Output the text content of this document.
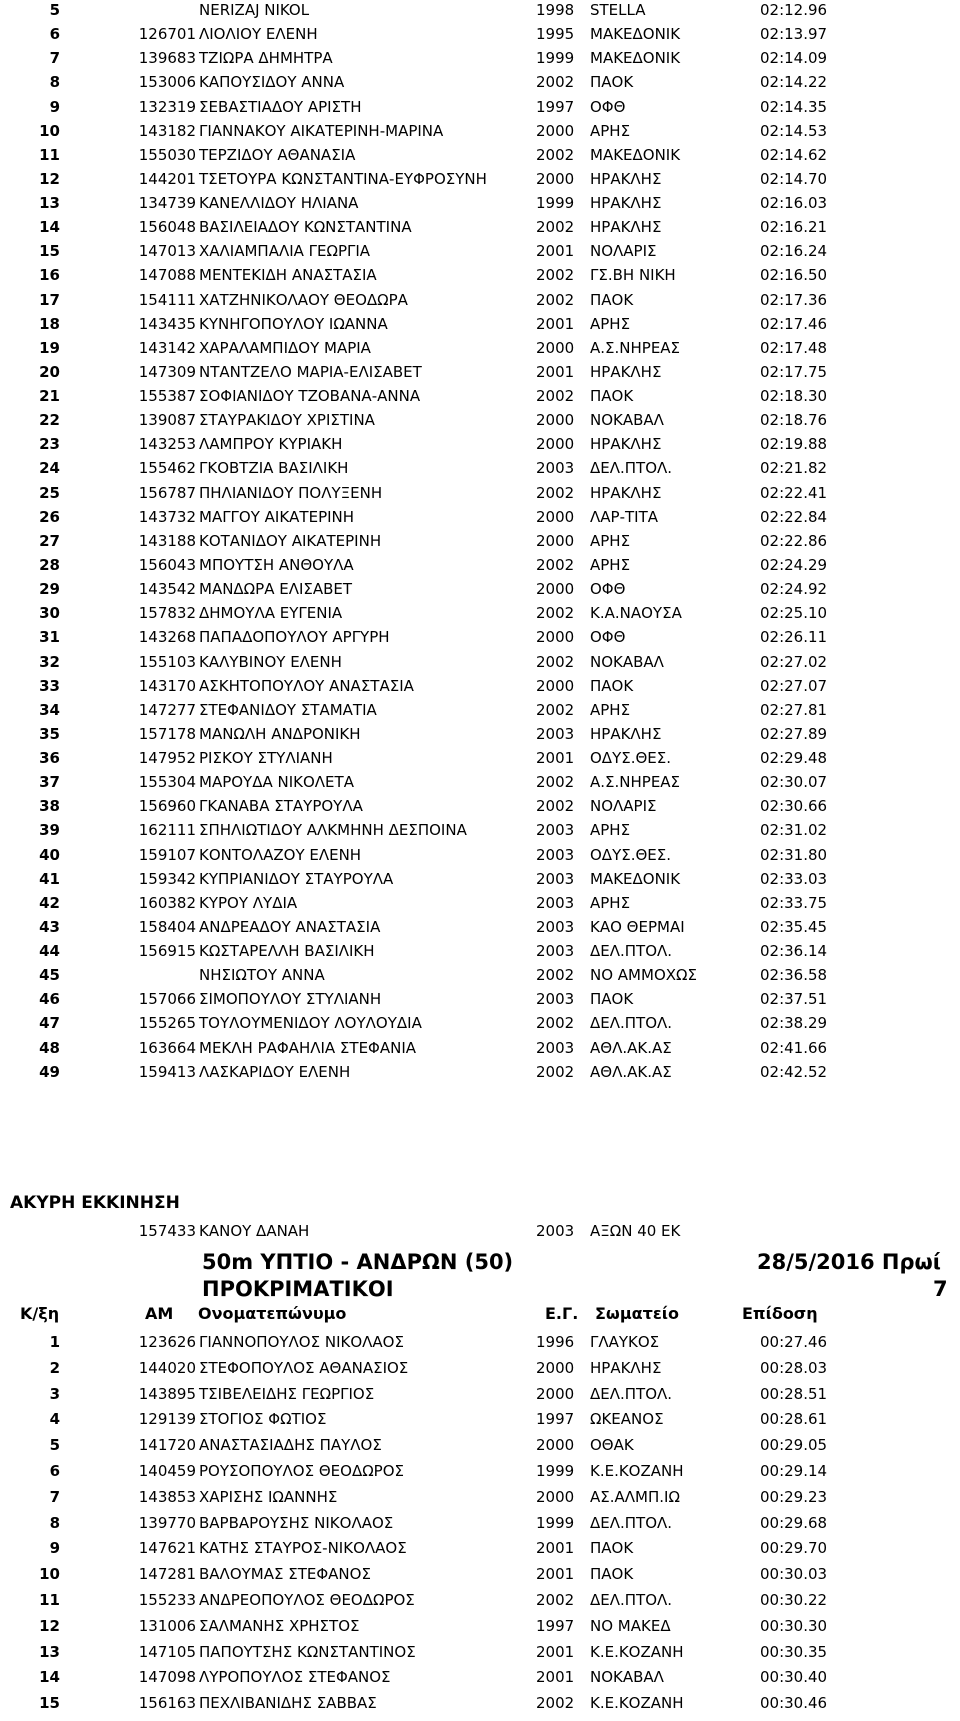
5	NERIZAJ NIKOL	1998	STELLA	02:12.96
6	126701 ΛΙΟΛΙΟΥ ΕΛΕΝΗ	1995	ΜΑΚΕΔΟΝΙΚ	02:13.97
7	139683 ΤΖΙΩΡΑ ΔΗΜΗΤΡΑ	1999	ΜΑΚΕΔΟΝΙΚ	02:14.09
8	153006 ΚΑΠΟΥΣΙΔΟΥ ΑΝΝΑ	2002	ΠΑΟΚ	02:14.22
9	132319 ΣΕΒΑΣΤΙΑΔΟΥ ΑΡΙΣΤΗ	1997	ΟΦΘ	02:14.35
10	143182 ΓΙΑΝΝΑΚΟΥ ΑΙΚΑΤΕΡΙΝΗ-ΜΑΡΙΝΑ	2000	ΑΡΗΣ	02:14.53
11	155030 ΤΕΡΖΙΔΟΥ ΑΘΑΝΑΣΙΑ	2002	ΜΑΚΕΔΟΝΙΚ	02:14.62
12	144201 ΤΣΕΤΟΥΡΑ ΚΩΝΣΤΑΝΤΙΝΑ-ΕΥΦΡΟΣΥΝΗ	2000	ΗΡΑΚΛΗΣ	02:14.70
13	134739 ΚΑΝΕΛΛΙΔΟΥ ΗΛΙΑΝΑ	1999	ΗΡΑΚΛΗΣ	02:16.03
14	156048 ΒΑΣΙΛΕΙΑΔΟΥ ΚΩΝΣΤΑΝΤΙΝΑ	2002	ΗΡΑΚΛΗΣ	02:16.21
15	147013 ΧΑΛΙΑΜΠΑΛΙΑ ΓΕΩΡΓΙΑ	2001	ΝΟΛΑΡΙΣ	02:16.24
16	147088 ΜΕΝΤΕΚΙΔΗ ΑΝΑΣΤΑΣΙΑ	2002	ΓΣ.ΒΗ ΝΙΚΗ	02:16.50
17	154111 ΧΑΤΖΗΝΙΚΟΛΑΟΥ ΘΕΟΔΩΡΑ	2002	ΠΑΟΚ	02:17.36
18	143435 ΚΥΝΗΓΟΠΟΥΛΟΥ ΙΩΑΝΝΑ	2001	ΑΡΗΣ	02:17.46
19	143142 ΧΑΡΑΛΑΜΠΙΔΟΥ ΜΑΡΙΑ	2000	Α.Σ.ΝΗΡΕΑΣ	02:17.48
20	147309 ΝΤΑΝΤΖΕΛΟ ΜΑΡΙΑ-ΕΛΙΣΑΒΕΤ	2001	ΗΡΑΚΛΗΣ	02:17.75
21	155387 ΣΟΦΙΑΝΙΔΟΥ ΤΖΟΒΑΝΑ-ΑΝΝΑ	2002	ΠΑΟΚ	02:18.30
22	139087 ΣΤΑΥΡΑΚΙΔΟΥ ΧΡΙΣΤΙΝΑ	2000	ΝΟΚΑΒΑΛ	02:18.76
23	143253 ΛΑΜΠΡΟΥ ΚΥΡΙΑΚΗ	2000	ΗΡΑΚΛΗΣ	02:19.88
24	155462 ΓΚΟΒΤΖΙΑ ΒΑΣΙΛΙΚΗ	2003	ΔΕΛ.ΠΤΟΛ.	02:21.82
25	156787 ΠΗΛΙΑΝΙΔΟΥ ΠΟΛΥΞΕΝΗ	2002	ΗΡΑΚΛΗΣ	02:22.41
26	143732 ΜΑΓΓΟΥ ΑΙΚΑΤΕΡΙΝΗ	2000	ΛΑΡ-ΤΙΤΑ	02:22.84
27	143188 ΚΟΤΑΝΙΔΟΥ ΑΙΚΑΤΕΡΙΝΗ	2000	ΑΡΗΣ	02:22.86
28	156043 ΜΠΟΥΤΣΗ ΑΝΘΟΥΛΑ	2002	ΑΡΗΣ	02:24.29
29	143542 ΜΑΝΔΩΡΑ ΕΛΙΣΑΒΕΤ	2000	ΟΦΘ	02:24.92
30	157832 ΔΗΜΟΥΛΑ ΕΥΓΕΝΙΑ	2002	Κ.Α.ΝΑΟΥΣΑ	02:25.10
31	143268 ΠΑΠΑΔΟΠΟΥΛΟΥ ΑΡΓΥΡΗ	2000	ΟΦΘ	02:26.11
32	155103 ΚΑΛΥΒΙΝΟΥ ΕΛΕΝΗ	2002	ΝΟΚΑΒΑΛ	02:27.02
33	143170 ΑΣΚΗΤΟΠΟΥΛΟΥ ΑΝΑΣΤΑΣΙΑ	2000	ΠΑΟΚ	02:27.07
34	147277 ΣΤΕΦΑΝΙΔΟΥ ΣΤΑΜΑΤΙΑ	2002	ΑΡΗΣ	02:27.81
35	157178 ΜΑΝΩΛΗ ΑΝΔΡΟΝΙΚΗ	2003	ΗΡΑΚΛΗΣ	02:27.89
36	147952 ΡΙΣΚΟΥ ΣΤΥΛΙΑΝΗ	2001	ΟΔΥΣ.ΘΕΣ.	02:29.48
37	155304 ΜΑΡΟΥΔΑ ΝΙΚΟΛΕΤΑ	2002	Α.Σ.ΝΗΡΕΑΣ	02:30.07
38	156960 ΓΚΑΝΑΒΑ ΣΤΑΥΡΟΥΛΑ	2002	ΝΟΛΑΡΙΣ	02:30.66
39	162111 ΣΠΗΛΙΩΤΙΔΟΥ ΑΛΚΜΗΝΗ ΔΕΣΠΟΙΝΑ	2003	ΑΡΗΣ	02:31.02
40	159107 ΚΟΝΤΟΛΑΖΟΥ ΕΛΕΝΗ	2003	ΟΔΥΣ.ΘΕΣ.	02:31.80
41	159342 ΚΥΠΡΙΑΝΙΔΟΥ ΣΤΑΥΡΟΥΛΑ	2003	ΜΑΚΕΔΟΝΙΚ	02:33.03
42	160382 ΚΥΡΟΥ ΛΥΔΙΑ	2003	ΑΡΗΣ	02:33.75
43	158404 ΑΝΔΡΕΑΔΟΥ ΑΝΑΣΤΑΣΙΑ	2003	ΚΑΟ ΘΕΡΜΑΙ	02:35.45
44	156915 ΚΩΣΤΑΡΕΛΛΗ ΒΑΣΙΛΙΚΗ	2003	ΔΕΛ.ΠΤΟΛ.	02:36.14
45	ΝΗΣΙΩΤΟΥ ΑΝΝΑ	2002	ΝΟ ΑΜΜΟΧΩΣ	02:36.58
46	157066 ΣΙΜΟΠΟΥΛΟΥ ΣΤΥΛΙΑΝΗ	2003	ΠΑΟΚ	02:37.51
47	155265 ΤΟΥΛΟΥΜΕΝΙΔΟΥ ΛΟΥΛΟΥΔΙΑ	2002	ΔΕΛ.ΠΤΟΛ.	02:38.29
48	163664 ΜΕΚΛΗ ΡΑΦΑΗΛΙΑ ΣΤΕΦΑΝΙΑ	2003	ΑΘΛ.ΑΚ.ΑΣ	02:41.66
49	159413 ΛΑΣΚΑΡΙΔΟΥ ΕΛΕΝΗ	2002	ΑΘΛ.ΑΚ.ΑΣ	02:42.52
ΑΚΥΡΗ ΕΚΚΙΝΗΣΗ
157433 ΚΑΝΟΥ ΔΑΝΑΗ	2003	ΑΞΩΝ 40 ΕΚ
50m ΥΠΤΙΟ - ΑΝΔΡΩΝ (50)	28/5/2016 Πρωί
ΠΡΟΚΡΙΜΑΤΙΚΟΙ	7
Κ/ξη	ΑΜ Ονοματεπώνυμο	Ε.Γ. Σωματείο	Επίδοση
1	123626 ΓΙΑΝΝΟΠΟΥΛΟΣ ΝΙΚΟΛΑΟΣ	1996	ΓΛΑΥΚΟΣ	00:27.46
2	144020 ΣΤΕΦΟΠΟΥΛΟΣ ΑΘΑΝΑΣΙΟΣ	2000	ΗΡΑΚΛΗΣ	00:28.03
3	143895 ΤΣΙΒΕΛΕΙΔΗΣ ΓΕΩΡΓΙΟΣ	2000	ΔΕΛ.ΠΤΟΛ.	00:28.51
4	129139 ΣΤΟΓΙΟΣ ΦΩΤΙΟΣ	1997	ΩΚΕΑΝΟΣ	00:28.61
5	141720 ΑΝΑΣΤΑΣΙΑΔΗΣ ΠΑΥΛΟΣ	2000	ΟΘΑΚ	00:29.05
6	140459 ΡΟΥΣΟΠΟΥΛΟΣ ΘΕΟΔΩΡΟΣ	1999	Κ.Ε.ΚΟΖΑΝΗ	00:29.14
7	143853 ΧΑΡΙΣΗΣ ΙΩΑΝΝΗΣ	2000	ΑΣ.ΑΛΜΠ.ΙΩ	00:29.23
8	139770 ΒΑΡΒΑΡΟΥΣΗΣ ΝΙΚΟΛΑΟΣ	1999	ΔΕΛ.ΠΤΟΛ.	00:29.68
9	147621 ΚΑΤΗΣ ΣΤΑΥΡΟΣ-ΝΙΚΟΛΑΟΣ	2001	ΠΑΟΚ	00:29.70
10	147281 ΒΑΛΟΥΜΑΣ ΣΤΕΦΑΝΟΣ	2001	ΠΑΟΚ	00:30.03
11	155233 ΑΝΔΡΕΟΠΟΥΛΟΣ ΘΕΟΔΩΡΟΣ	2002	ΔΕΛ.ΠΤΟΛ.	00:30.22
12	131006 ΣΑΛΜΑΝΗΣ ΧΡΗΣΤΟΣ	1997	ΝΟ ΜΑΚΕΔ	00:30.30
13	147105 ΠΑΠΟΥΤΣΗΣ ΚΩΝΣΤΑΝΤΙΝΟΣ	2001	Κ.Ε.ΚΟΖΑΝΗ	00:30.35
14	147098 ΛΥΡΟΠΟΥΛΟΣ ΣΤΕΦΑΝΟΣ	2001	ΝΟΚΑΒΑΛ	00:30.40
15	156163 ΠΕΧΛΙΒΑΝΙΔΗΣ ΣΑΒΒΑΣ	2002	Κ.Ε.ΚΟΖΑΝΗ	00:30.46
